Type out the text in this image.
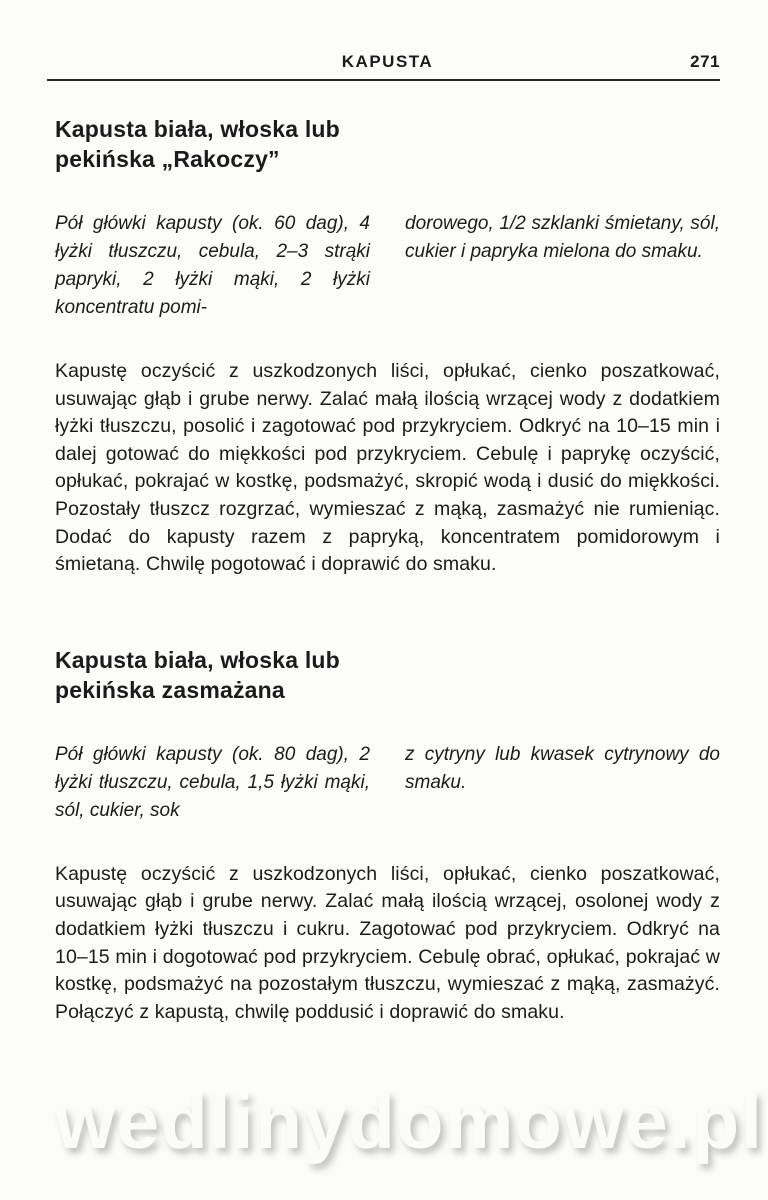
wedlinydomowe.pl
KAPUSTA	271
Kapusta biała, włoska lub pekińska „Rakoczy”
Pół główki kapusty (ok. 60 dag), 4 łyżki tłuszczu, cebula, 2–3 strąki papryki, 2 łyżki mąki, 2 łyżki koncentratu pomi-
dorowego, 1/2 szklanki śmietany, sól, cukier i papryka mielona do smaku.

Kapustę oczyścić z uszkodzonych liści, opłukać, cienko poszatkować, usuwając głąb i grube nerwy. Zalać małą ilością wrzącej wody z dodatkiem łyżki tłuszczu, posolić i zagotować pod przykryciem. Odkryć na 10–15 min i dalej gotować do miękkości pod przykryciem. Cebulę i paprykę oczyścić, opłukać, pokrajać w kostkę, podsmażyć, skropić wodą i dusić do miękkości. Pozostały tłuszcz rozgrzać, wymieszać z mąką, zasmażyć nie rumieniąc. Dodać do kapusty razem z papryką, koncentratem pomidorowym i śmietaną. Chwilę pogotować i doprawić do smaku.

Kapusta biała, włoska lub pekińska zasmażana
Pół główki kapusty (ok. 80 dag), 2 łyżki tłuszczu, cebula, 1,5 łyżki mąki, sól, cukier, sok
z cytryny lub kwasek cytrynowy do smaku.

Kapustę oczyścić z uszkodzonych liści, opłukać, cienko poszatkować, usuwając głąb i grube nerwy. Zalać małą ilością wrzącej, osolonej wody z dodatkiem łyżki tłuszczu i cukru. Zagotować pod przykryciem. Odkryć na 10–15 min i dogotować pod przykryciem. Cebulę obrać, opłukać, pokrajać w kostkę, podsmażyć na pozostałym tłuszczu, wymieszać z mąką, zasmażyć. Połączyć z kapustą, chwilę poddusić i doprawić do smaku.
